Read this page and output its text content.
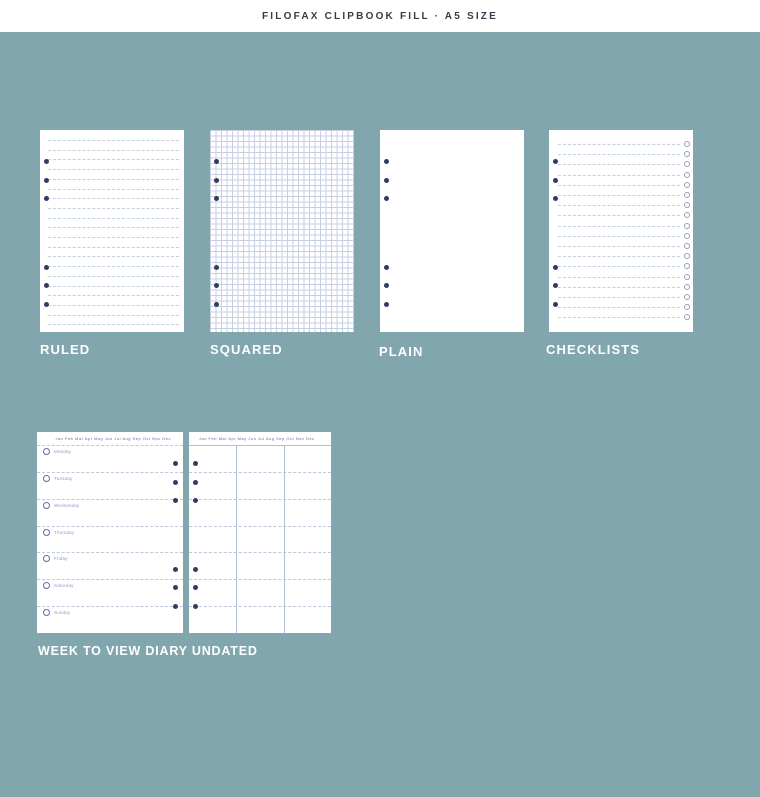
FILOFAX CLIPBOOK FILL · A5 SIZE
RULED	SQUARED	PLAIN	CHECKLISTS
Jan Feb Mar Apr May Jun Jul Aug Sep Oct Nov Dec
Monday
Tuesday
Wednesday
Thursday
Friday
Saturday
Sunday
Jan Feb Mar Apr May Jun Jul Aug Sep Oct Nov Dec
WEEK TO VIEW DIARY UNDATED
